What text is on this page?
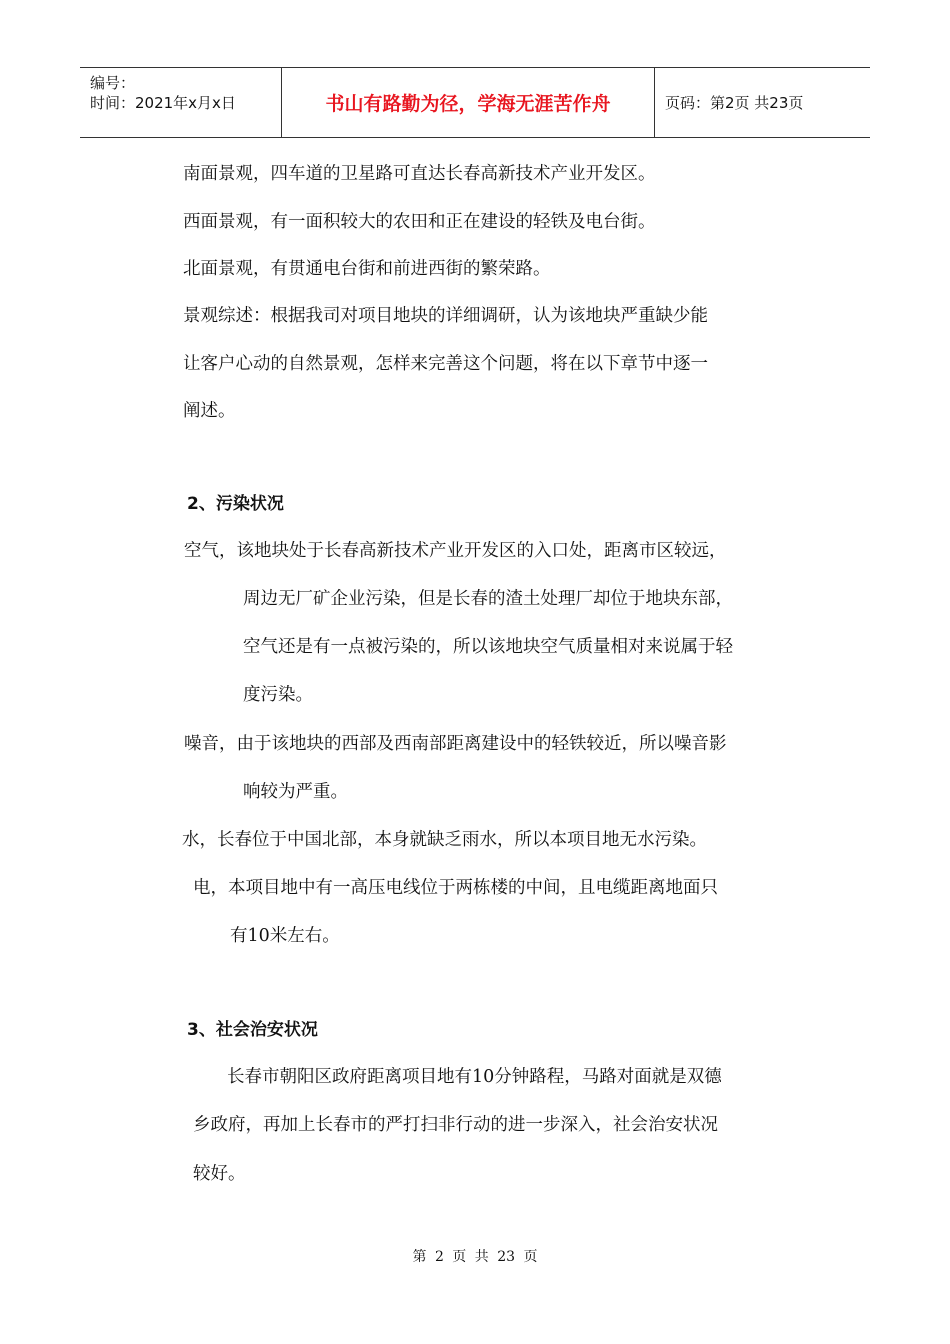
编号：
时间：2021年x月x日	书山有路勤为径，学海无涯苦作舟	页码：第2页 共23页
南面景观，四车道的卫星路可直达长春高新技术产业开发区。
西面景观，有一面积较大的农田和正在建设的轻铁及电台街。
北面景观，有贯通电台街和前进西街的繁荣路。
景观综述：根据我司对项目地块的详细调研，认为该地块严重缺少能
让客户心动的自然景观，怎样来完善这个问题，将在以下章节中逐一
阐述。
2、污染状况
空气，该地块处于长春高新技术产业开发区的入口处，距离市区较远，
周边无厂矿企业污染，但是长春的渣土处理厂却位于地块东部，
空气还是有一点被污染的，所以该地块空气质量相对来说属于轻
度污染。
噪音，由于该地块的西部及西南部距离建设中的轻铁较近，所以噪音影
响较为严重。
水，长春位于中国北部，本身就缺乏雨水，所以本项目地无水污染。
电，本项目地中有一高压电线位于两栋楼的中间，且电缆距离地面只
有10米左右。
3、社会治安状况
长春市朝阳区政府距离项目地有10分钟路程，马路对面就是双德
乡政府，再加上长春市的严打扫非行动的进一步深入，社会治安状况
较好。
第 2 页 共 23 页
